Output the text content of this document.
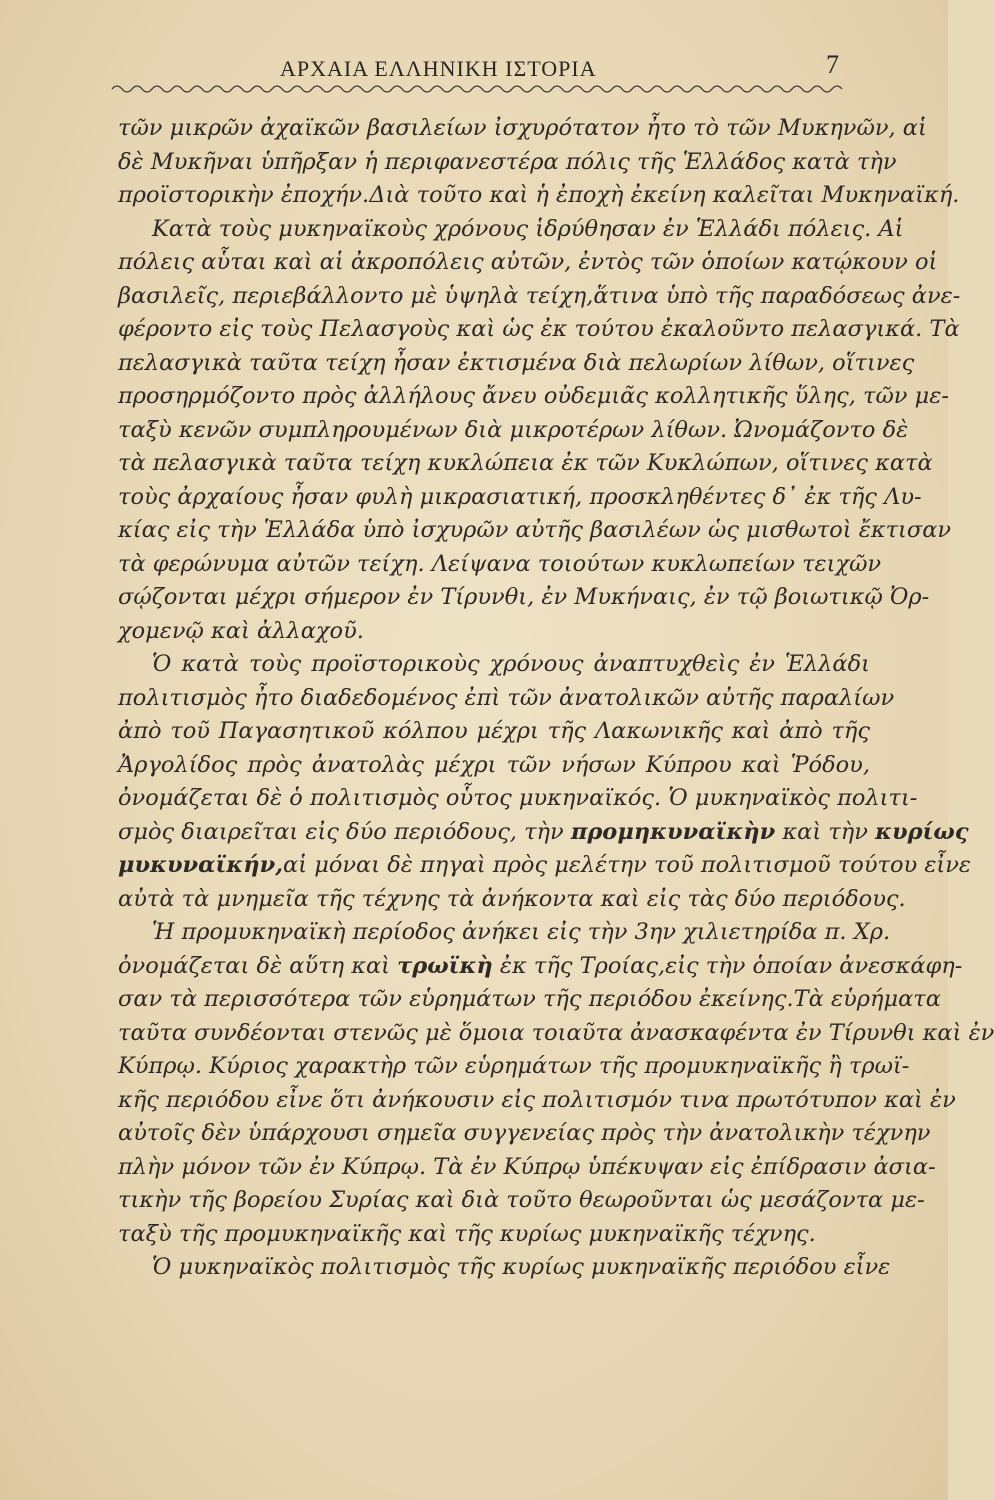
ΑΡΧΑΙΑ ΕΛΛΗΝΙΚΗ ΙΣΤΟΡΙΑ	7
τῶν μικρῶν ἀχαϊκῶν βασιλείων ἰσχυρότατον ἦτο τὸ τῶν Μυκηνῶν, αἱ
δὲ Μυκῆναι ὑπῆρξαν ἡ περιφανεστέρα πόλις τῆς Ἑλλάδος κατὰ τὴν
προϊστορικὴν ἐποχήν.Διὰ τοῦτο καὶ ἡ ἐποχὴ ἐκείνη καλεῖται Μυκηναϊκή.
Κατὰ τοὺς μυκηναϊκοὺς χρόνους ἱδρύθησαν ἐν Ἑλλάδι πόλεις. Αἱ
πόλεις αὗται καὶ αἱ ἀκροπόλεις αὐτῶν, ἐντὸς τῶν ὁποίων κατῴκουν οἱ
βασιλεῖς, περιεβάλλοντο μὲ ὑψηλὰ τείχη,ἅτινα ὑπὸ τῆς παραδόσεως ἀνε-
φέροντο εἰς τοὺς Πελασγοὺς καὶ ὡς ἐκ τούτου ἐκαλοῦντο πελασγικά. Τὰ
πελασγικὰ ταῦτα τείχη ἦσαν ἐκτισμένα διὰ πελωρίων λίθων, οἵτινες
προσηρμόζοντο πρὸς ἀλλήλους ἄνευ οὐδεμιᾶς κολλητικῆς ὕλης, τῶν με-
ταξὺ κενῶν συμπληρουμένων διὰ μικροτέρων λίθων. Ὠνομάζοντο δὲ
τὰ πελασγικὰ ταῦτα τείχη κυκλώπεια ἐκ τῶν Κυκλώπων, οἵτινες κατὰ
τοὺς ἀρχαίους ἦσαν φυλὴ μικρασιατική, προσκληθέντες δ᾽ ἐκ τῆς Λυ-
κίας εἰς τὴν Ἑλλάδα ὑπὸ ἰσχυρῶν αὐτῆς βασιλέων ὡς μισθωτοὶ ἔκτισαν
τὰ φερώνυμα αὐτῶν τείχη. Λείψανα τοιούτων κυκλωπείων τειχῶν
σῴζονται μέχρι σήμερον ἐν Τίρυνθι, ἐν Μυκήναις, ἐν τῷ βοιωτικῷ Ὀρ-
χομενῷ καὶ ἀλλαχοῦ.
Ὁ κατὰ τοὺς προϊστορικοὺς χρόνους ἀναπτυχθεὶς ἐν Ἑλλάδι
πολιτισμὸς ἦτο διαδεδομένος ἐπὶ τῶν ἀνατολικῶν αὐτῆς παραλίων
ἀπὸ τοῦ Παγασητικοῦ κόλπου μέχρι τῆς Λακωνικῆς καὶ ἀπὸ τῆς
Ἀργολίδος πρὸς ἀνατολὰς μέχρι τῶν νήσων Κύπρου καὶ Ῥόδου,
ὀνομάζεται δὲ ὁ πολιτισμὸς οὗτος μυκηναϊκός. Ὁ μυκηναϊκὸς πολιτι-
σμὸς διαιρεῖται εἰς δύο περιόδους, τὴν προμηκυναϊκὴν καὶ τὴν κυρίως
μυκυναϊκήν,αἱ μόναι δὲ πηγαὶ πρὸς μελέτην τοῦ πολιτισμοῦ τούτου εἶνε
αὐτὰ τὰ μνημεῖα τῆς τέχνης τὰ ἀνήκοντα καὶ εἰς τὰς δύο περιόδους.
Ἡ προμυκηναϊκὴ περίοδος ἀνήκει εἰς τὴν 3ην χιλιετηρίδα π. Χρ.
ὀνομάζεται δὲ αὕτη καὶ τρωϊκὴ ἐκ τῆς Τροίας,εἰς τὴν ὁποίαν ἀνεσκάφη-
σαν τὰ περισσότερα τῶν εὑρημάτων τῆς περιόδου ἐκείνης.Τὰ εὑρήματα
ταῦτα συνδέονται στενῶς μὲ ὅμοια τοιαῦτα ἀνασκαφέντα ἐν Τίρυνθι καὶ ἐν
Κύπρῳ. Κύριος χαρακτὴρ τῶν εὑρημάτων τῆς προμυκηναϊκῆς ἢ τρωϊ-
κῆς περιόδου εἶνε ὅτι ἀνήκουσιν εἰς πολιτισμόν τινα πρωτότυπον καὶ ἐν
αὐτοῖς δὲν ὑπάρχουσι σημεῖα συγγενείας πρὸς τὴν ἀνατολικὴν τέχνην
πλὴν μόνον τῶν ἐν Κύπρῳ. Τὰ ἐν Κύπρῳ ὑπέκυψαν εἰς ἐπίδρασιν ἀσια-
τικὴν τῆς βορείου Συρίας καὶ διὰ τοῦτο θεωροῦνται ὡς μεσάζοντα με-
ταξὺ τῆς προμυκηναϊκῆς καὶ τῆς κυρίως μυκηναϊκῆς τέχνης.
Ὁ μυκηναϊκὸς πολιτισμὸς τῆς κυρίως μυκηναϊκῆς περιόδου εἶνε
